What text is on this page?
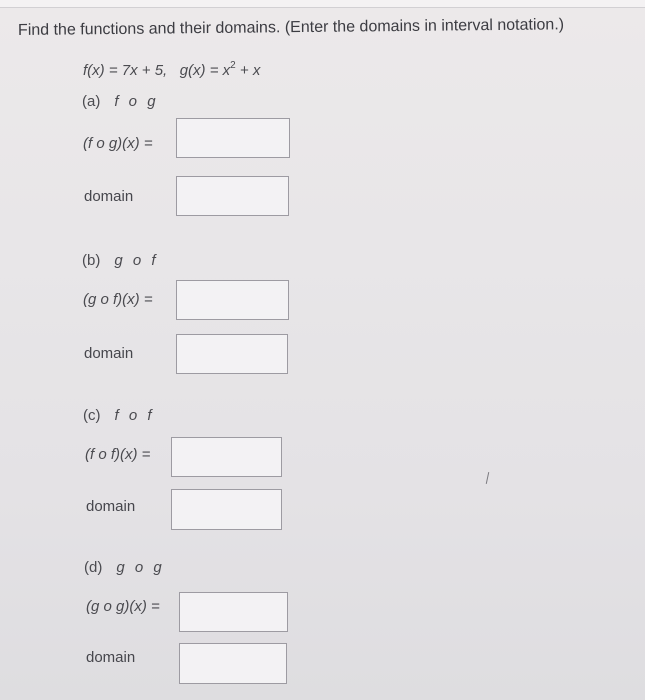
Find the functions and their domains. (Enter the domains in interval notation.)
f(x) = 7x + 5, $g(x) = x^2 + x$
(a) f o g
(f o g)(x) =
domain
(b) g o f
(g o f)(x) =
domain
(c) f o f
(f o f)(x) =
domain
(d) g o g
(g o g)(x) =
domain
